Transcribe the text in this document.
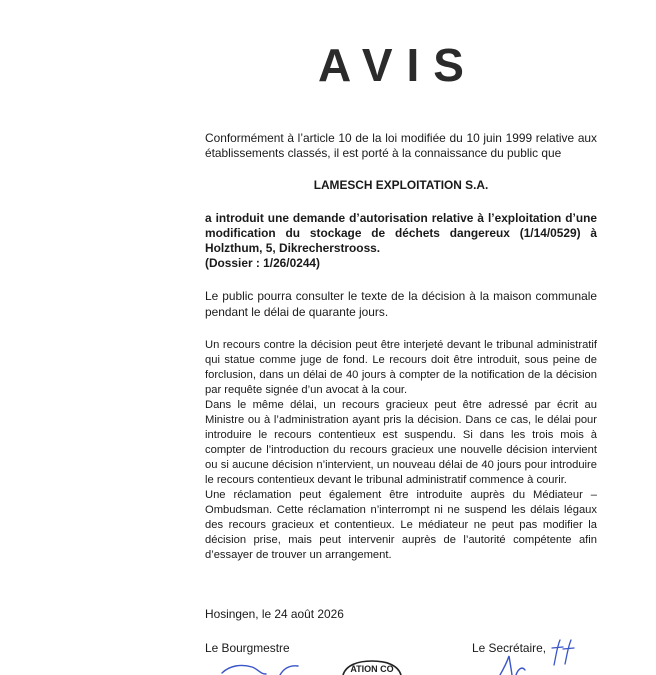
AVIS

Conformément à l’article 10 de la loi modifiée du 10 juin 1999 relative aux établissements classés, il est porté à la connaissance du public que

LAMESCH EXPLOITATION S.A.

a introduit une demande d’autorisation relative à l’exploitation d’une modification du stockage de déchets dangereux (1/14/0529) à Holzthum, 5, Dikrecherstrooss.

(Dossier : 1/26/0244)

Le public pourra consulter le texte de la décision à la maison communale pendant le délai de quarante jours.

Un recours contre la décision peut être interjeté devant le tribunal administratif qui statue comme juge de fond. Le recours doit être introduit, sous peine de forclusion, dans un délai de 40 jours à compter de la notification de la décision par requête signée d’un avocat à la cour.

Dans le même délai, un recours gracieux peut être adressé par écrit au Ministre ou à l’administration ayant pris la décision. Dans ce cas, le délai pour introduire le recours contentieux est suspendu. Si dans les trois mois à compter de l’introduction du recours gracieux une nouvelle décision intervient ou si aucune décision n’intervient, un nouveau délai de 40 jours pour introduire le recours contentieux devant le tribunal administratif commence à courir.

Une réclamation peut également être introduite auprès du Médiateur – Ombudsman. Cette réclamation n’interrompt ni ne suspend les délais légaux des recours gracieux et contentieux. Le médiateur ne peut pas modifier la décision prise, mais peut intervenir auprès de l’autorité compétente afin d’essayer de trouver un arrangement.

Hosingen, le 24 août 2026
Le Bourgmestre	Le Secrétaire,
ATION CO
